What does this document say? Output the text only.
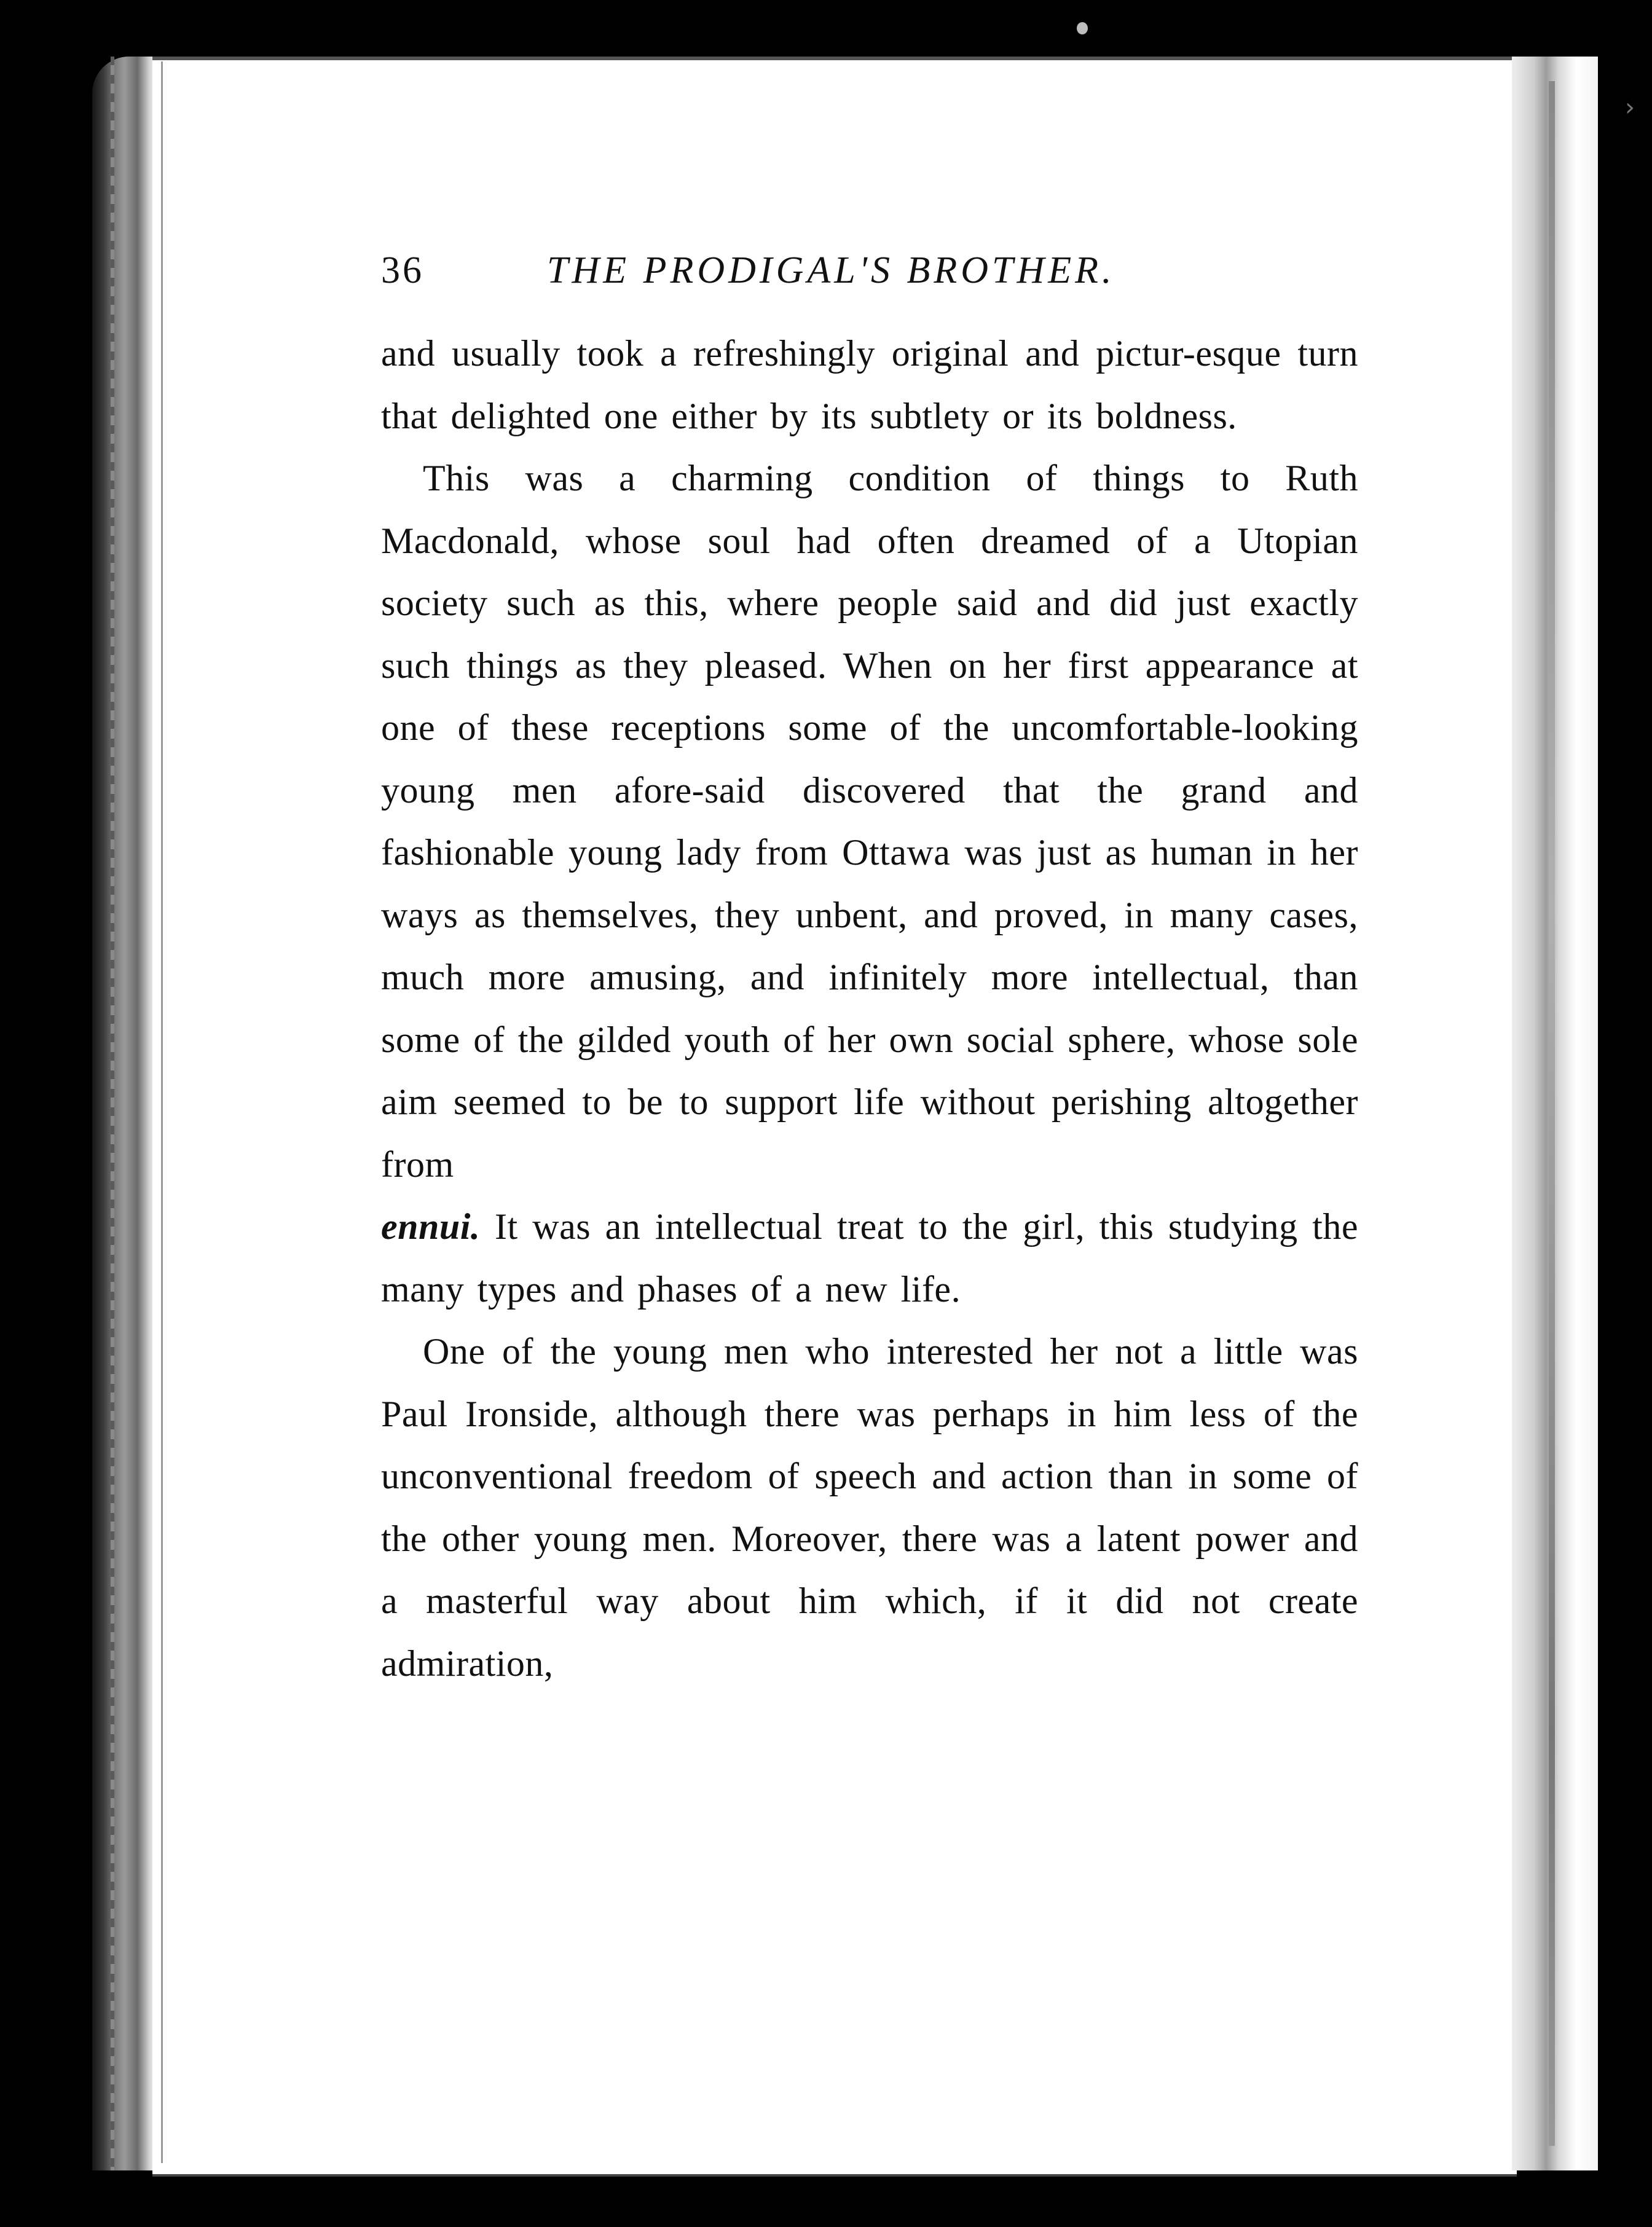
›
36	THE PRODIGAL'S BROTHER.

and usually took a refreshingly original and pictur-esque turn that delighted one either by its subtlety or its boldness.

This was a charming condition of things to Ruth Macdonald, whose soul had often dreamed of a Utopian society such as this, where people said and did just exactly such things as they pleased. When on her first appearance at one of these receptions some of the uncomfortable-looking young men afore-said discovered that the grand and fashionable young lady from Ottawa was just as human in her ways as themselves, they unbent, and proved, in many cases, much more amusing, and infinitely more intellectual, than some of the gilded youth of her own social sphere, whose sole aim seemed to be to support life without perishing altogether from
ennui. It was an intellectual treat to the girl, this studying the many types and phases of a new life.

One of the young men who interested her not a little was Paul Ironside, although there was perhaps in him less of the unconventional freedom of speech and action than in some of the other young men. Moreover, there was a latent power and a masterful way about him which, if it did not create admiration,
